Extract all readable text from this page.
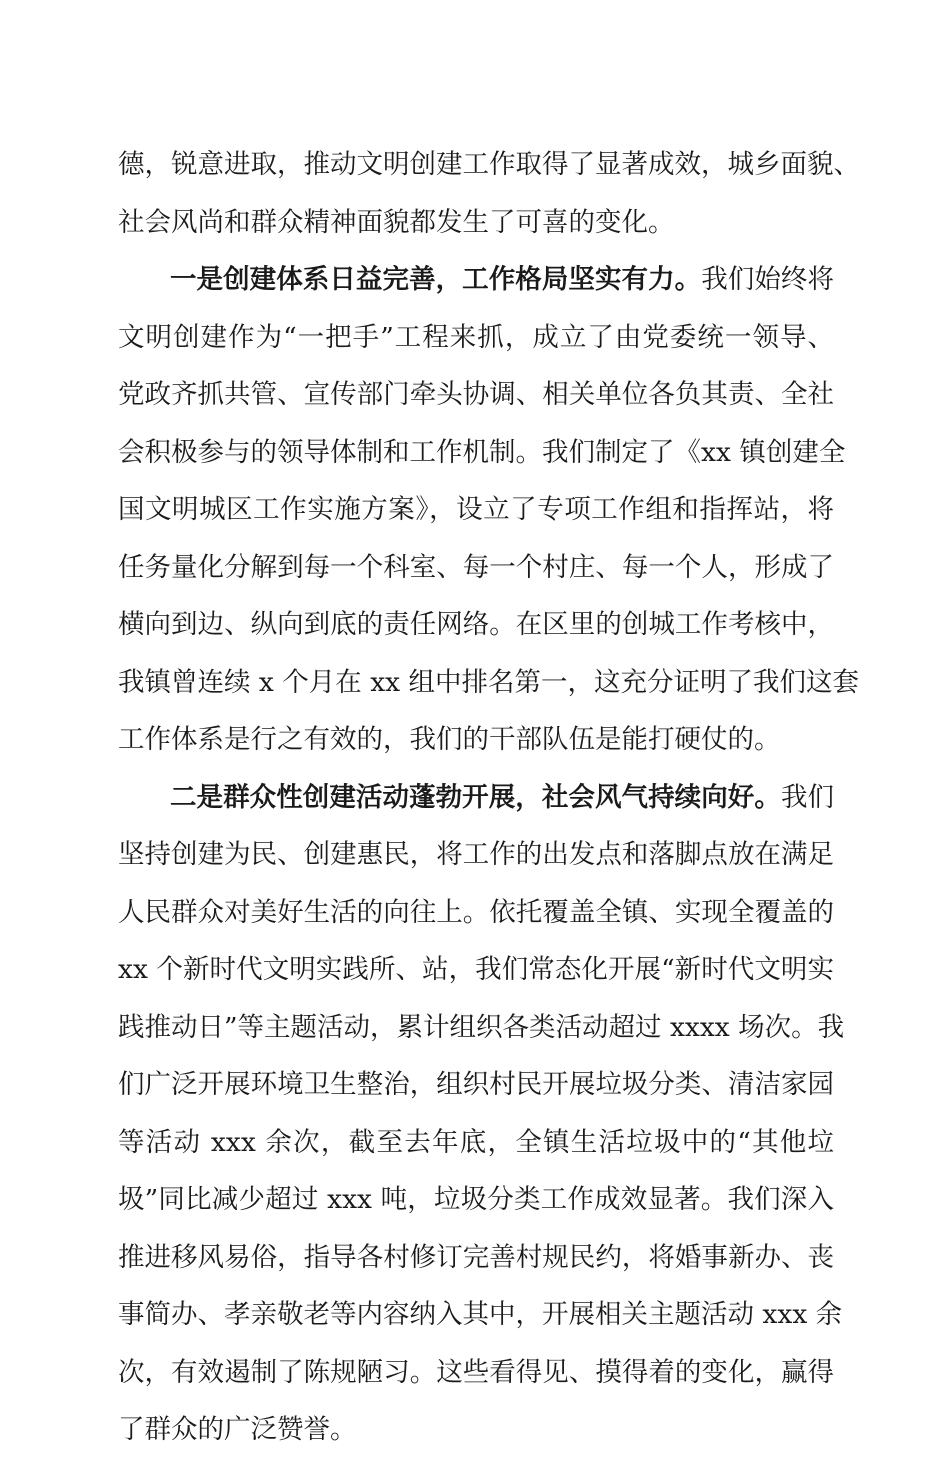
德，锐意进取，推动文明创建工作取得了显著成效，城乡面貌、
社会风尚和群众精神面貌都发生了可喜的变化。
一是创建体系日益完善，工作格局坚实有力。我们始终将
文明创建作为“一把手”工程来抓，成立了由党委统一领导、
党政齐抓共管、宣传部门牵头协调、相关单位各负其责、全社
会积极参与的领导体制和工作机制。我们制定了《xx 镇创建全
国文明城区工作实施方案》，设立了专项工作组和指挥站，将
任务量化分解到每一个科室、每一个村庄、每一个人，形成了
横向到边、纵向到底的责任网络。在区里的创城工作考核中，
我镇曾连续 x 个月在 xx 组中排名第一，这充分证明了我们这套
工作体系是行之有效的，我们的干部队伍是能打硬仗的。
二是群众性创建活动蓬勃开展，社会风气持续向好。我们
坚持创建为民、创建惠民，将工作的出发点和落脚点放在满足
人民群众对美好生活的向往上。依托覆盖全镇、实现全覆盖的
xx 个新时代文明实践所、站，我们常态化开展“新时代文明实
践推动日”等主题活动，累计组织各类活动超过 xxxx 场次。我
们广泛开展环境卫生整治，组织村民开展垃圾分类、清洁家园
等活动 xxx 余次，截至去年底，全镇生活垃圾中的“其他垃
圾”同比减少超过 xxx 吨，垃圾分类工作成效显著。我们深入
推进移风易俗，指导各村修订完善村规民约，将婚事新办、丧
事简办、孝亲敬老等内容纳入其中，开展相关主题活动 xxx 余
次，有效遏制了陈规陋习。这些看得见、摸得着的变化，赢得
了群众的广泛赞誉。
